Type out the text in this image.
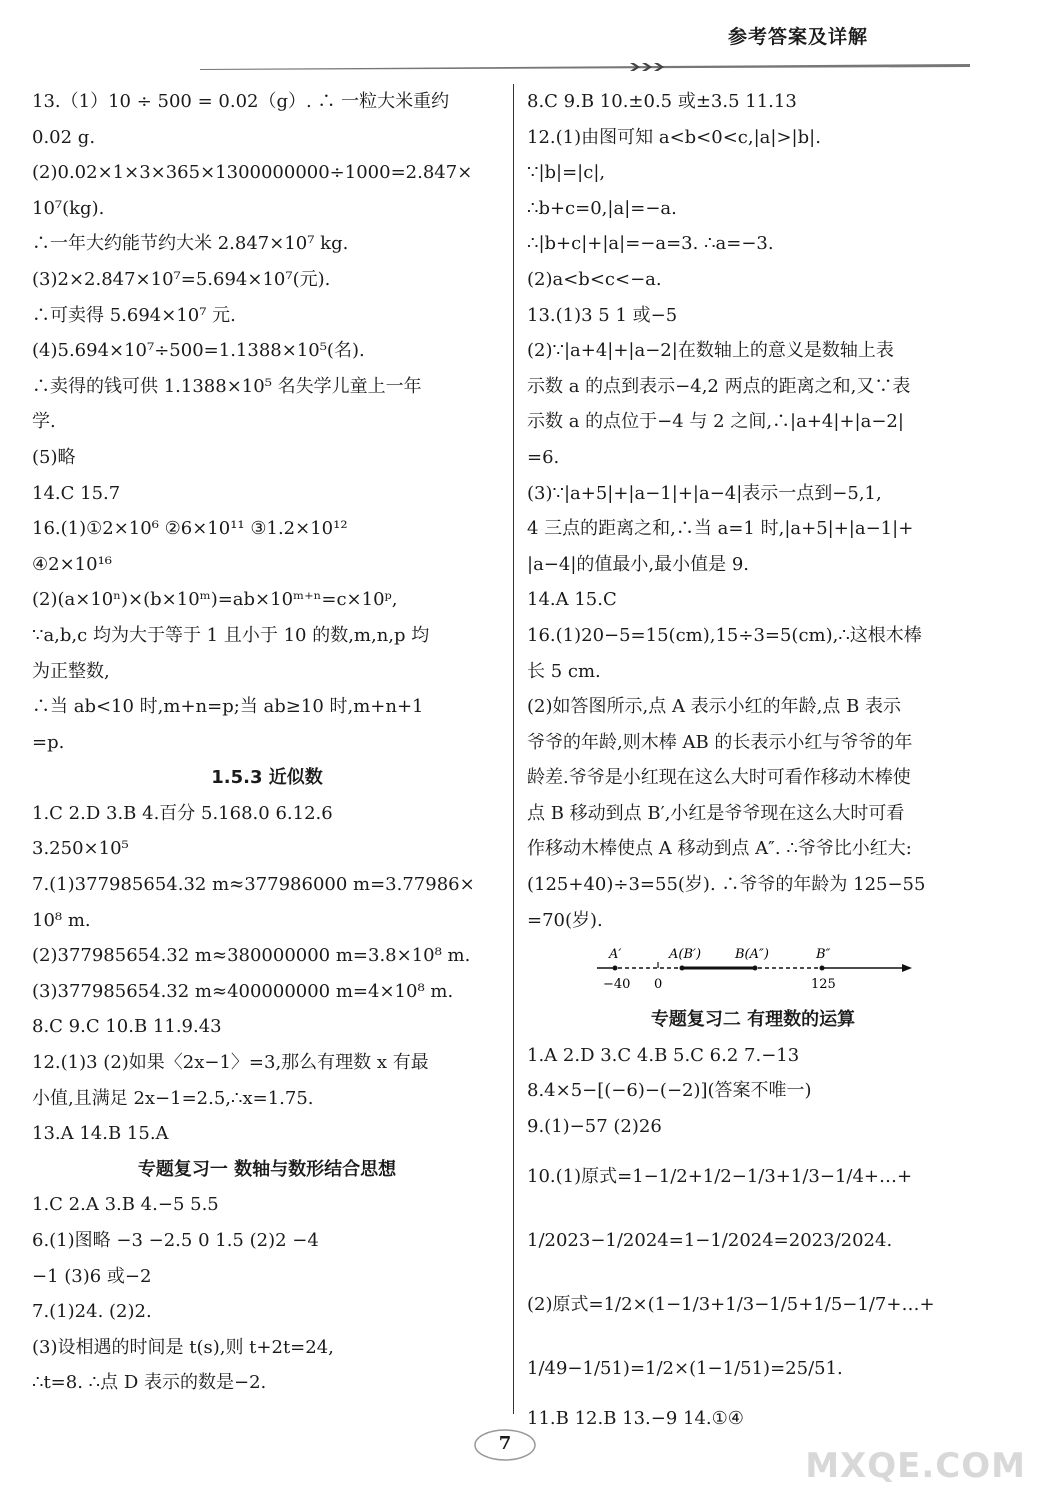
参考答案及详解
13.（1）10 ÷ 500 = 0.02（g）. ∴ 一粒大米重约
0.02 g.
(2)0.02×1×3×365×1300000000÷1000=2.847×
10⁷(kg).
∴一年大约能节约大米 2.847×10⁷ kg.
(3)2×2.847×10⁷=5.694×10⁷(元).
∴可卖得 5.694×10⁷ 元.
(4)5.694×10⁷÷500=1.1388×10⁵(名).
∴卖得的钱可供 1.1388×10⁵ 名失学儿童上一年
学.
(5)略
14.C 15.7
16.(1)①2×10⁶ ②6×10¹¹ ③1.2×10¹²
④2×10¹⁶
(2)(a×10ⁿ)×(b×10ᵐ)=ab×10ᵐ⁺ⁿ=c×10ᵖ,
∵a,b,c 均为大于等于 1 且小于 10 的数,m,n,p 均
为正整数,
∴当 ab<10 时,m+n=p;当 ab≥10 时,m+n+1
=p.
1.5.3 近似数
1.C 2.D 3.B 4.百分 5.168.0 6.12.6
3.250×10⁵
7.(1)377985654.32 m≈377986000 m=3.77986×
10⁸ m.
(2)377985654.32 m≈380000000 m=3.8×10⁸ m.
(3)377985654.32 m≈400000000 m=4×10⁸ m.
8.C 9.C 10.B 11.9.43
12.(1)3 (2)如果〈2x−1〉=3,那么有理数 x 有最
小值,且满足 2x−1=2.5,∴x=1.75.
13.A 14.B 15.A
专题复习一 数轴与数形结合思想
1.C 2.A 3.B 4.−5 5.5
6.(1)图略 −3 −2.5 0 1.5 (2)2 −4
−1 (3)6 或−2
7.(1)24. (2)2.
(3)设相遇的时间是 t(s),则 t+2t=24,
∴t=8. ∴点 D 表示的数是−2.
8.C 9.B 10.±0.5 或±3.5 11.13
12.(1)由图可知 a<b<0<c,|a|>|b|.
∵|b|=|c|,
∴b+c=0,|a|=−a.
∴|b+c|+|a|=−a=3. ∴a=−3.
(2)a<b<c<−a.
13.(1)3 5 1 或−5
(2)∵|a+4|+|a−2|在数轴上的意义是数轴上表
示数 a 的点到表示−4,2 两点的距离之和,又∵表
示数 a 的点位于−4 与 2 之间,∴|a+4|+|a−2|
=6.
(3)∵|a+5|+|a−1|+|a−4|表示一点到−5,1,
4 三点的距离之和,∴当 a=1 时,|a+5|+|a−1|+
|a−4|的值最小,最小值是 9.
14.A 15.C
16.(1)20−5=15(cm),15÷3=5(cm),∴这根木棒
长 5 cm.
(2)如答图所示,点 A 表示小红的年龄,点 B 表示
爷爷的年龄,则木棒 AB 的长表示小红与爷爷的年
龄差.爷爷是小红现在这么大时可看作移动木棒使
点 B 移动到点 B′,小红是爷爷现在这么大时可看
作移动木棒使点 A 移动到点 A″. ∴爷爷比小红大:
(125+40)÷3=55(岁). ∴爷爷的年龄为 125−55
=70(岁).
A′	A(B′)	B(A″)	B″
−40 0	125
专题复习二 有理数的运算
1.A 2.D 3.C 4.B 5.C 6.2 7.−13
8.4×5−[(−6)−(−2)](答案不唯一)
9.(1)−57 (2)26
10.(1)原式=1−1/2+1/2−1/3+1/3−1/4+…+
1/2023−1/2024=1−1/2024=2023/2024.
(2)原式=1/2×(1−1/3+1/3−1/5+1/5−1/7+…+
1/49−1/51)=1/2×(1−1/51)=25/51.
11.B 12.B 13.−9 14.①④
7
MXQE.COM
